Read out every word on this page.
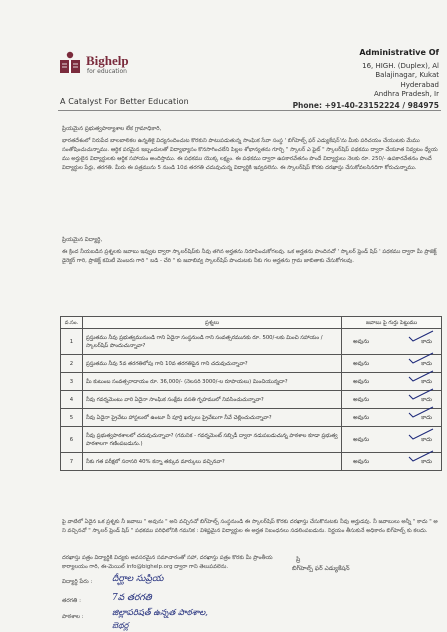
Bighelp
for education
A Catalyst For Better Education
Administrative Of
16, HIGH. (Duplex), Al
Balajinagar, Kukat
Hyderabad
Andhra Pradesh, Ir
Phone: +91-40-23152224 / 984975
ప్రియమైన ప్రభుత్వపాఠ్యాశాల లేక గ్రామాధికారి,
భారతదేశంలో నిరుపేద బాలబాలికల ఉన్నతికై విద్యనందించుట కొరకుని పాటుపడుతున్న సాంఘిక సేవా సంస్థ ' బిగ్‌హెల్ప్ ఫర్ ఎడ్యుకేషన్'ను మీకు పరిచయం చేయుటకు మేము సంతోషించుచున్నాము. ఆర్థిక పరమైన ఇబ్బందులతో విద్యాభ్యాసం కొనసాగించలేని పిల్లల శోభాన్యతను గూర్చి " స్కాలర్ ఎ ఫైట్ " స్కాలర్‌షిప్ పథకము ద్వారా చేయూత నివ్వటం ధ్యేయము అర్హులైన విద్యార్థులకు ఆర్థిక సహాయం అందిస్తాము. ఈ పథకము యొక్క లక్ష్యం. ఈ పథకము ద్వారా ఉపకారవేతనం పొందే విద్యార్థులు నెలకు రూ. 250/- ఉపకారవేతనం పొందే విద్యార్థుల పేర్లు, తరగతి. మీరు ఈ పత్రమును 5 నుండి 10వ తరగతి చదువుచున్న విద్యార్థికి ఇవ్వవలెను. ఈ స్కాలర్‌షిప్ కొరకు దరఖాస్తు చేసుకోవలసినదిగా కోరుచున్నాము.
ప్రియమైన విద్యార్థి,
ఈ క్రింద నీయబడిన ప్రశ్నలకు జవాబు ఇవ్వుట ద్వారా స్కాలర్‌షిప్‌కు నీవు తగిన అర్హతను నిరూపించుకోగలవు. ఒక అర్హతను పొందినచో ' స్కాలర్ ఫ్రెండ్ షిప్ ' పథకము ద్వారా మీ ప్రాజెక్ట్ డైరెక్టర్ గారి, ప్రాజెక్ట్ కమిటీ మెంబరు గారి " బడి - చేరి " కు జవాబివ్వ స్కాలర్‌షిప్ పొందుటకు నీకు గల అర్హతను గ్రామ జాబితాకు చేసుకోగలవు.
వ.సం.	ప్రశ్నలు	జవాబు పై గుర్తు పెట్టుము
1	ప్రస్తుతము నీవు ప్రభుత్వమునుండి గాని ఏదైనా సంస్థనుండి గాని సంవత్సరమునకు రూ. 500/-లకు మించి సహాయం / స్కాలర్‌షిప్ పొందుచున్నావా?	అవును కాదు

2	ప్రస్తుతము నీవు 5వ తరగతిలోపు గాని 10వ తరగతిపైన గాని చదువుచున్నావా?	అవును కాదు

3	మీ కుటుంబ సంవత్సరాదాయం రూ. 36,000/- (నెలసరి 3000/-ల రూపాయలు) మించియున్నదా?	అవును కాదు

4	నీవు గవర్నమెంటు వారి ఏదైనా సాంఘిక సంక్షేమ వసతి గృహములో నివసించుచున్నావా?	అవును కాదు

5	నీవు ఏదైనా ప్రైవేటు హాస్టలులో ఉంటూ నీ పూర్తి ఖర్చులు ప్రైవేటుగా నీవే చెల్లించుచున్నావా?	అవును కాదు

6	నీవు ప్రభుత్వపాఠశాలలో చదువుచున్నావా? (గమనిక - గవర్నమెంట్ సబ్సిడీ ద్వారా నడుపబడుచున్న పాఠశాల కూడా ప్రభుత్వ పాఠశాలగా గణింపబడును.)	అవును కాదు

7	నీకు గత పరీక్షలో సరాసరి 40% కన్నా తక్కువ మార్కులు వచ్చినవా?	అవును కాదు
పై వాటిలో ఏదైన ఒక ప్రశ్నకు నీ జవాబు " అవును " అని వచ్చినచో బిగ్‌హెల్ప్ సంస్థనుండి ఈ స్కాలర్‌షిప్ కొరకు దరఖాస్తు చేసుకొనుటకు నీవు అర్హుడవు. నీ జవాబులు అన్నీ " కాదు " అని వచ్చినచో " స్కాలర్ ఫ్రెండ్ షిప్ " పథకము పరిధిలోనికి గమనిక : విశిష్టమైన విద్యార్థుల ఈ అర్హత నిబంధనలు సడలింపబడును. నిర్ణయం తీసుకునే అధికారం బిగ్‌హెల్ప్ కు కలదు.
దరఖాస్తు పత్రం విద్యార్థికి విద్యకు అవసరమైన సమాచారంతో సహా, దరఖాస్తు పత్రం కొరకు మీ ప్రాంతీయ కార్యాలయం గారి, ఈ-మెయిల్ info@bighelp.org ద్వారా గాని తెలుపవలెను.
విద్యార్థి పేరు : దీర్ఘాల సుప్రియ
తరగతి :	7వ తరగతి
పాఠశాల :	జిల్లాపరిషత్ ఉన్నత పాఠశాల,
బెథర్ల
ప్రి
బిగ్‌హెల్ప్ ఫర్ ఎడ్యుకేషన్
